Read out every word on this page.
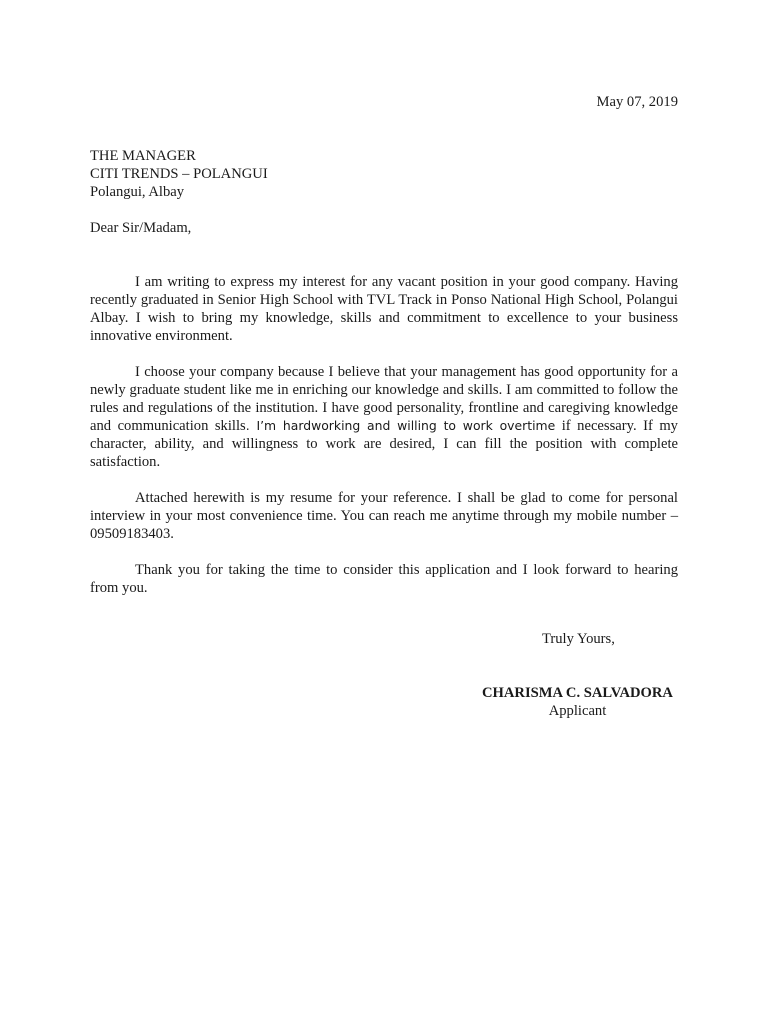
May 07, 2019
THE MANAGER
CITI TRENDS – POLANGUI
Polangui, Albay
Dear Sir/Madam,

I am writing to express my interest for any vacant position in your good company. Having recently graduated in Senior High School with TVL Track in Ponso National High School, Polangui Albay. I wish to bring my knowledge, skills and commitment to excellence to your business innovative environment.

I choose your company because I believe that your management has good opportunity for a newly graduate student like me in enriching our knowledge and skills. I am committed to follow the rules and regulations of the institution. I have good personality, frontline and caregiving knowledge and communication skills. I’m hardworking and willing to work overtime if necessary. If my character, ability, and willingness to work are desired, I can fill the position with complete satisfaction.

Attached herewith is my resume for your reference. I shall be glad to come for personal interview in your most convenience time. You can reach me anytime through my mobile number – 09509183403.

Thank you for taking the time to consider this application and I look forward to hearing from you.

Truly Yours,
CHARISMA C. SALVADORA
Applicant
